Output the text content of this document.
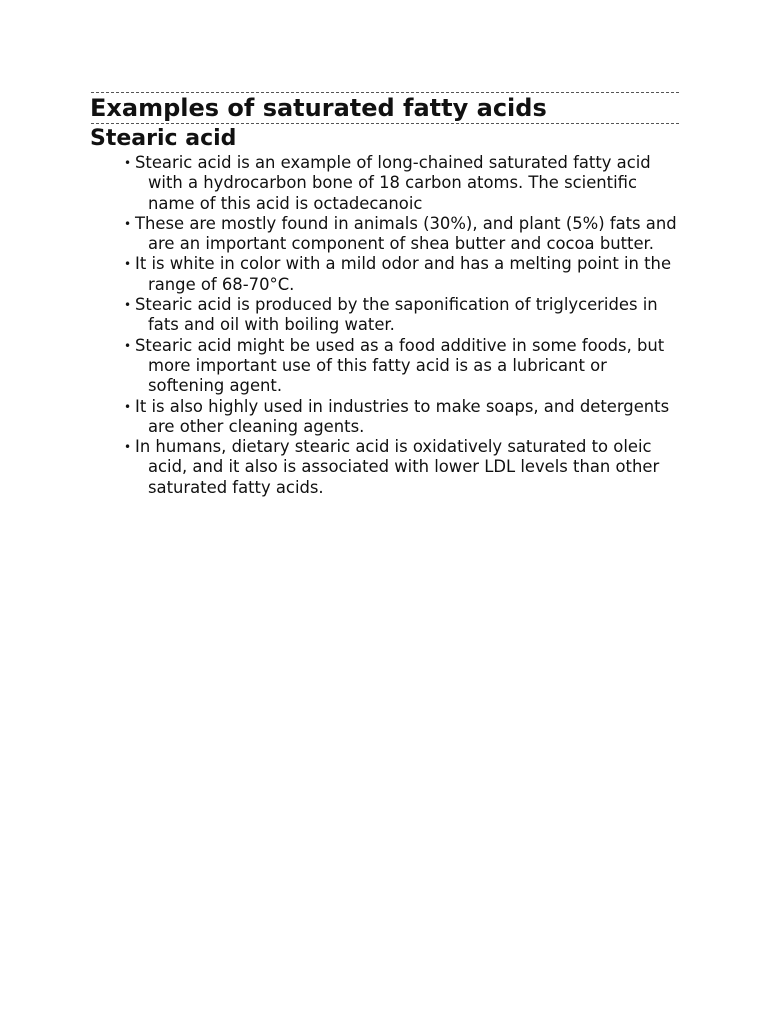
Examples of saturated fatty acids
Stearic acid
• Stearic acid is an example of long-chained saturated fatty acid with a hydrocarbon bone of 18 carbon atoms. The scientific name of this acid is octadecanoic
• These are mostly found in animals (30%), and plant (5%) fats and are an important component of shea butter and cocoa butter.
• It is white in color with a mild odor and has a melting point in the range of 68-70°C.
• Stearic acid is produced by the saponification of triglycerides in fats and oil with boiling water.
• Stearic acid might be used as a food additive in some foods, but more important use of this fatty acid is as a lubricant or softening agent.
• It is also highly used in industries to make soaps, and detergents are other cleaning agents.
• In humans, dietary stearic acid is oxidatively saturated to oleic acid, and it also is associated with lower LDL levels than other saturated fatty acids.
